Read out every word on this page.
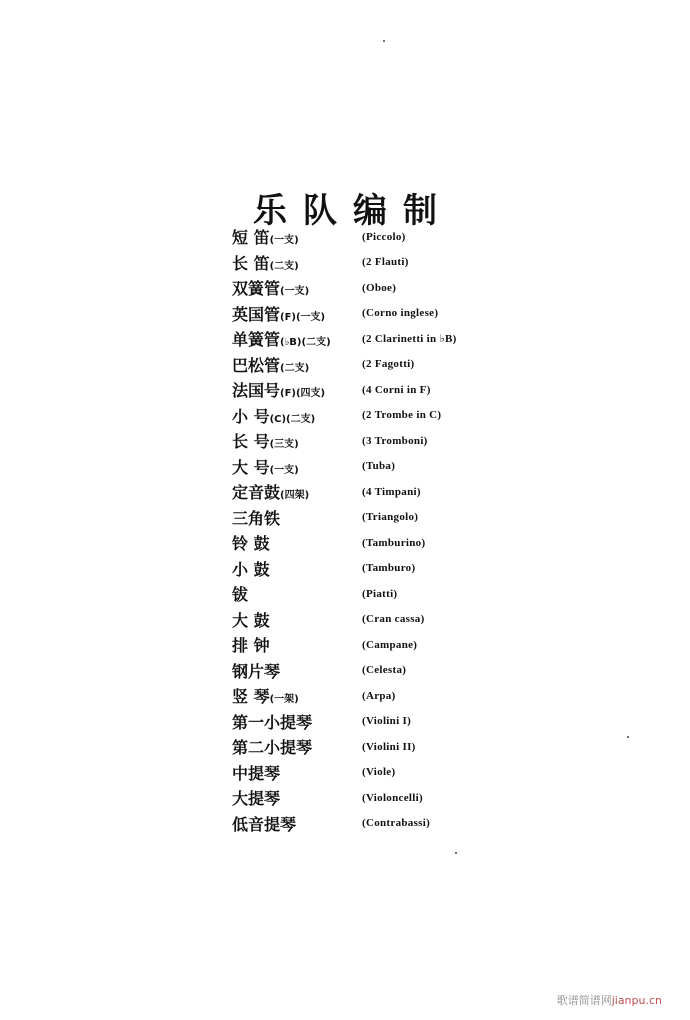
乐队编制
短 笛(一支)	(Piccolo)
长 笛(二支)	(2 Flauti)
双簧管(一支)	(Oboe)
英国管(F)(一支)	(Corno inglese)
单簧管(♭B)(二支)	(2 Clarinetti in ♭B)
巴松管(二支)	(2 Fagotti)
法国号(F)(四支)	(4 Corni in F)
小 号(C)(二支)	(2 Trombe in C)
长 号(三支)	(3 Tromboni)
大 号(一支)	(Tuba)
定音鼓(四架)	(4 Timpani)
三角铁	(Triangolo)
铃 鼓	(Tamburino)
小 鼓	(Tamburo)
钹	(Piatti)
大 鼓	(Cran cassa)
排 钟	(Campane)
钢片琴	(Celesta)
竖 琴(一架)	(Arpa)
第一小提琴	(Violini I)
第二小提琴	(Violini II)
中提琴	(Viole)
大提琴	(Violoncelli)
低音提琴	(Contrabassi)
歌谱简谱网jianpu.cn
